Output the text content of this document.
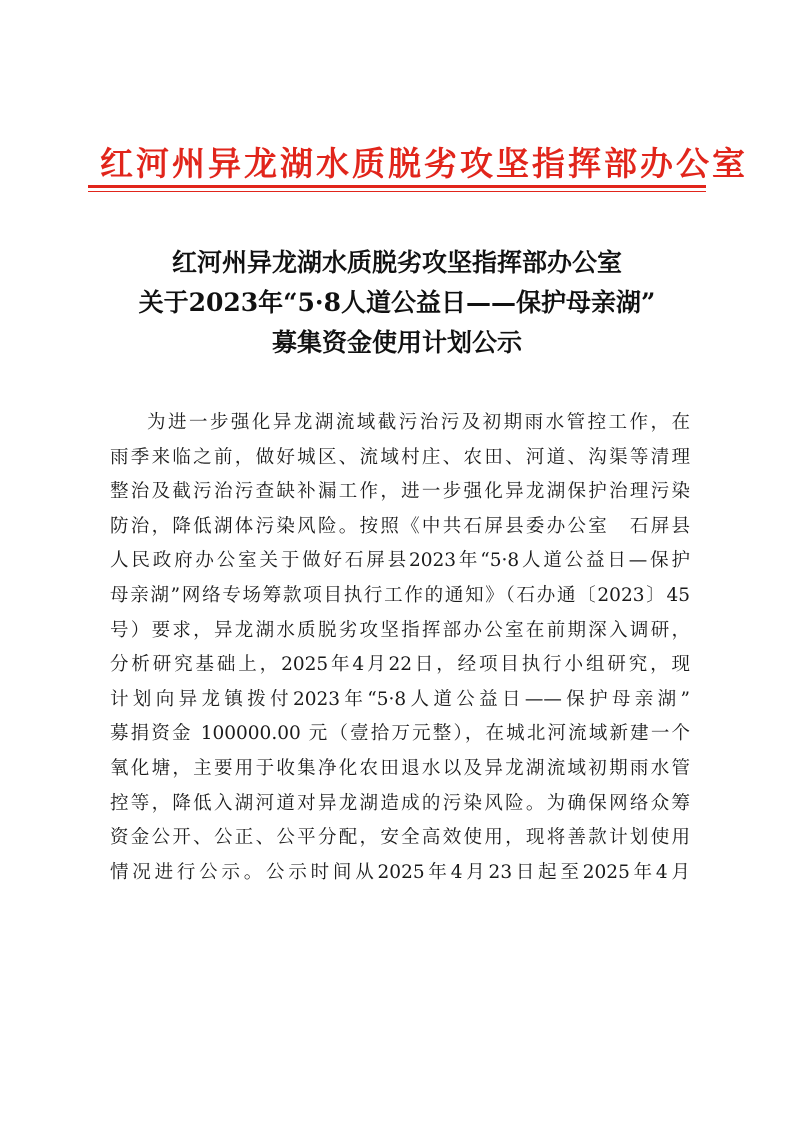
红河州异龙湖水质脱劣攻坚指挥部办公室
红河州异龙湖水质脱劣攻坚指挥部办公室
关于2023年“5·8人道公益日——保护母亲湖”
募集资金使用计划公示
为进一步强化异龙湖流域截污治污及初期雨水管控工作，在
雨季来临之前，做好城区、流域村庄、农田、河道、沟渠等清理
整治及截污治污查缺补漏工作，进一步强化异龙湖保护治理污染
防治，降低湖体污染风险。按照《中共石屏县委办公室　石屏县
人民政府办公室关于做好石屏县2023年“5·8人道公益日—保护
母亲湖”网络专场筹款项目执行工作的通知》（石办通〔2023〕45
号）要求，异龙湖水质脱劣攻坚指挥部办公室在前期深入调研，
分析研究基础上，2025年4月22日，经项目执行小组研究，现
计划向异龙镇拨付2023年“5·8人道公益日——保护母亲湖”
募捐资金 100000.00 元（壹拾万元整），在城北河流域新建一个
氧化塘，主要用于收集净化农田退水以及异龙湖流域初期雨水管
控等，降低入湖河道对异龙湖造成的污染风险。为确保网络众筹
资金公开、公正、公平分配，安全高效使用，现将善款计划使用
情况进行公示。公示时间从2025年4月23日起至2025年4月
